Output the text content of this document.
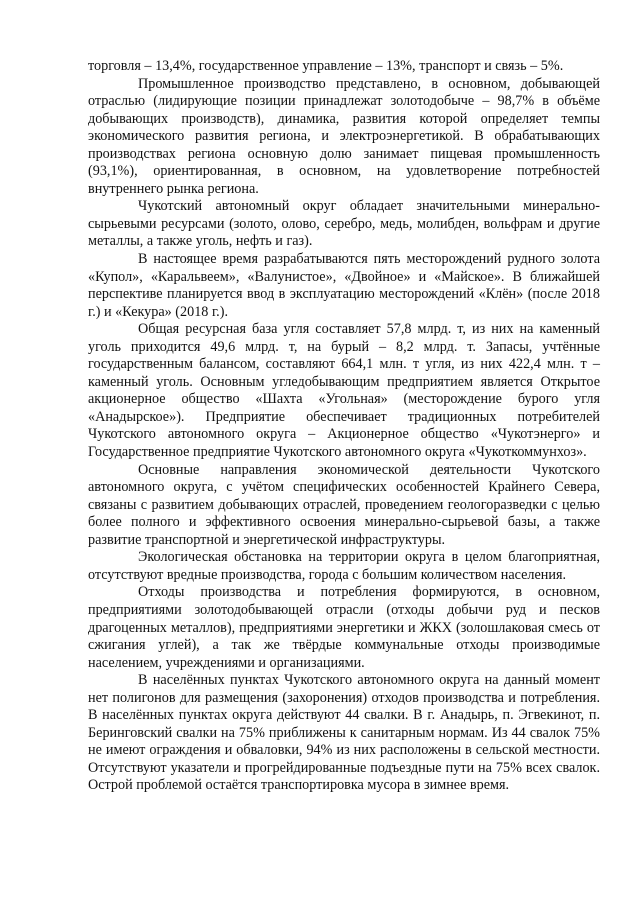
торговля – 13,4%, государственное управление – 13%, транспорт и связь – 5%.

Промышленное производство представлено, в основном, добывающей отраслью (лидирующие позиции принадлежат золотодобыче – 98,7% в объёме добывающих производств), динамика, развития которой определяет темпы экономического развития региона, и электроэнергетикой. В обрабатывающих производствах региона основную долю занимает пищевая промышленность (93,1%), ориентированная, в основном, на удовлетворение потребностей внутреннего рынка региона.

Чукотский автономный округ обладает значительными минерально-сырьевыми ресурсами (золото, олово, серебро, медь, молибден, вольфрам и другие металлы, а также уголь, нефть и газ).

В настоящее время разрабатываются пять месторождений рудного золота «Купол», «Каральвеем», «Валунистое», «Двойное» и «Майское». В ближайшей перспективе планируется ввод в эксплуатацию месторождений «Клён» (после 2018 г.) и «Кекура» (2018 г.).

Общая ресурсная база угля составляет 57,8 млрд. т, из них на каменный уголь приходится 49,6 млрд. т, на бурый – 8,2 млрд. т. Запасы, учтённые государственным балансом, составляют 664,1 млн. т угля, из них 422,4 млн. т – каменный уголь. Основным угледобывающим предприятием является Открытое акционерное общество «Шахта «Угольная» (месторождение бурого угля «Анадырское»). Предприятие обеспечивает традиционных потребителей Чукотского автономного округа – Акционерное общество «Чукотэнерго» и Государственное предприятие Чукотского автономного округа «Чукоткоммунхоз».

Основные направления экономической деятельности Чукотского автономного округа, с учётом специфических особенностей Крайнего Севера, связаны с развитием добывающих отраслей, проведением геологоразведки с целью более полного и эффективного освоения минерально-сырьевой базы, а также развитие транспортной и энергетической инфраструктуры.

Экологическая обстановка на территории округа в целом благоприятная, отсутствуют вредные производства, города с большим количеством населения.

Отходы производства и потребления формируются, в основном, предприятиями золотодобывающей отрасли (отходы добычи руд и песков драгоценных металлов), предприятиями энергетики и ЖКХ (золошлаковая смесь от сжигания углей), а так же твёрдые коммунальные отходы производимые населением, учреждениями и организациями.

В населённых пунктах Чукотского автономного округа на данный момент нет полигонов для размещения (захоронения) отходов производства и потребления. В населённых пунктах округа действуют 44 свалки. В г. Анадырь, п. Эгвекинот, п. Беринговский свалки на 75% приближены к санитарным нормам. Из 44 свалок 75% не имеют ограждения и обваловки, 94% из них расположены в сельской местности. Отсутствуют указатели и прогрейдированные подъездные пути на 75% всех свалок. Острой проблемой остаётся транспортировка мусора в зимнее время.
